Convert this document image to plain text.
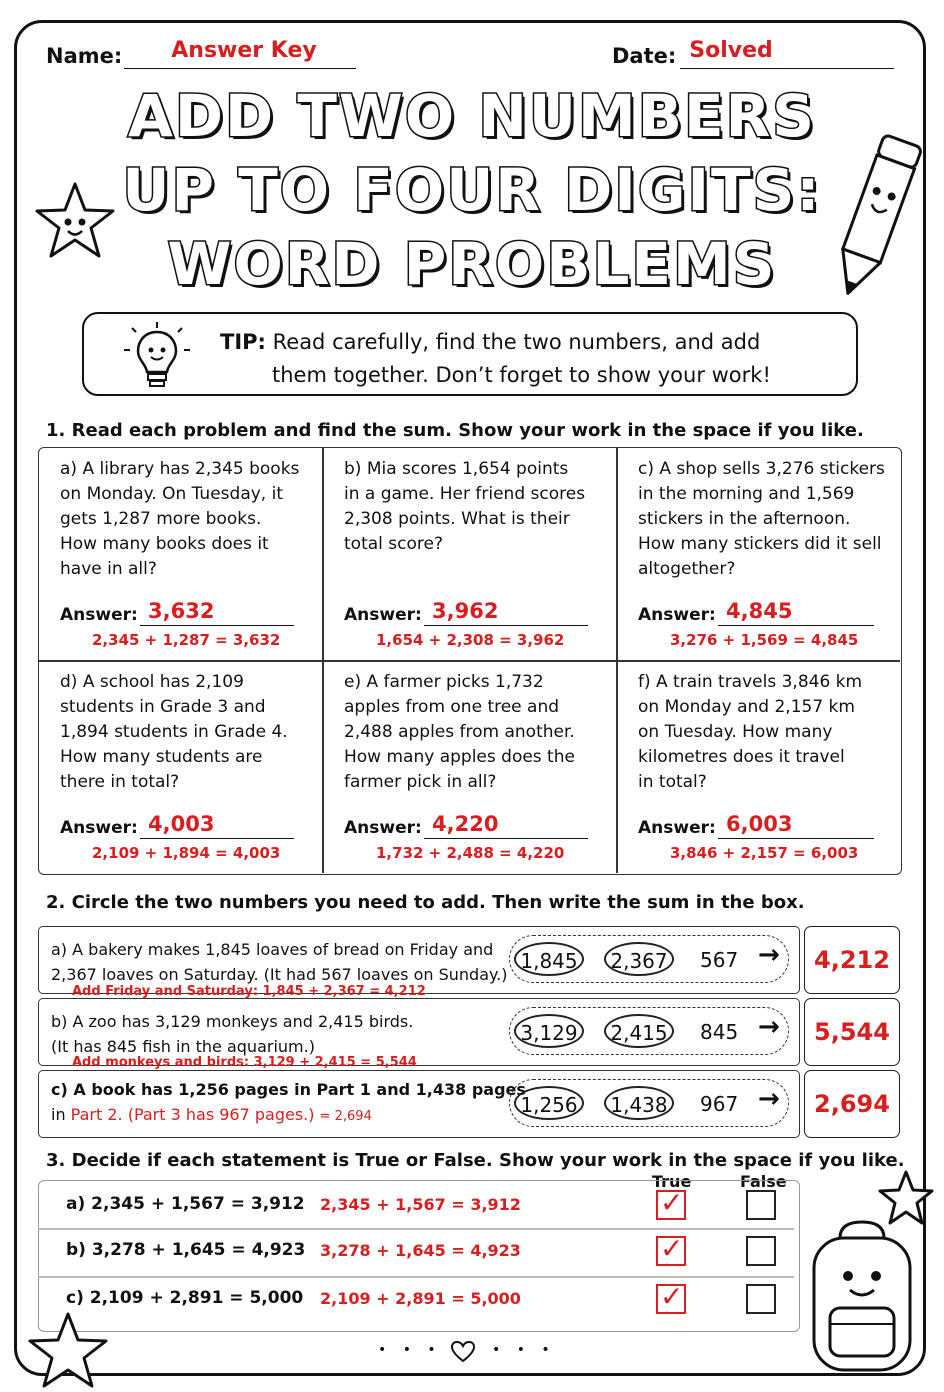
Name:	Answer Key	Date: Solved
ADD TWO NUMBERS
UP TO FOUR DIGITS:
WORD PROBLEMS
TIP: Read carefully, find the two numbers, and add
them together. Don’t forget to show your work!
1. Read each problem and find the sum. Show your work in the space if you like.
a) A library has 2,345 books
on Monday. On Tuesday, it
gets 1,287 more books.
How many books does it
have in all?
Answer: 3,632
2,345 + 1,287 = 3,632
b) Mia scores 1,654 points
in a game. Her friend scores
2,308 points. What is their
total score?
Answer: 3,962
1,654 + 2,308 = 3,962
c) A shop sells 3,276 stickers
in the morning and 1,569
stickers in the afternoon.
How many stickers did it sell
altogether?
Answer: 4,845
3,276 + 1,569 = 4,845
d) A school has 2,109
students in Grade 3 and
1,894 students in Grade 4.
How many students are
there in total?
Answer: 4,003
2,109 + 1,894 = 4,003
e) A farmer picks 1,732
apples from one tree and
2,488 apples from another.
How many apples does the
farmer pick in all?
Answer: 4,220
1,732 + 2,488 = 4,220
f) A train travels 3,846 km
on Monday and 2,157 km
on Tuesday. How many
kilometres does it travel
in total?
Answer: 6,003
3,846 + 2,157 = 6,003
2. Circle the two numbers you need to add. Then write the sum in the box.
a) A bakery makes 1,845 loaves of bread on Friday and
2,367 loaves on Saturday. (It had 567 loaves on Sunday.)
1,845	2,367	567
Add Friday and Saturday: 1,845 + 2,367 = 4,212
→	4,212
b) A zoo has 3,129 monkeys and 2,415 birds.
(It has 845 fish in the aquarium.)
3,129	2,415	845
Add monkeys and birds: 3,129 + 2,415 = 5,544
→	5,544
c) A book has 1,256 pages in Part 1 and 1,438 pages
in Part 2. (Part 3 has 967 pages.) = 2,694	1,256	1,438	967 →	2,694
3. Decide if each statement is True or False. Show your work in the space if you like.
True	False
a) 2,345 + 1,567 = 3,912 2,345 + 1,567 = 3,912	✓
b) 3,278 + 1,645 = 4,923 3,278 + 1,645 = 4,923	✓
c) 2,109 + 2,891 = 5,000 2,109 + 2,891 = 5,000	✓
• • •	• • •
